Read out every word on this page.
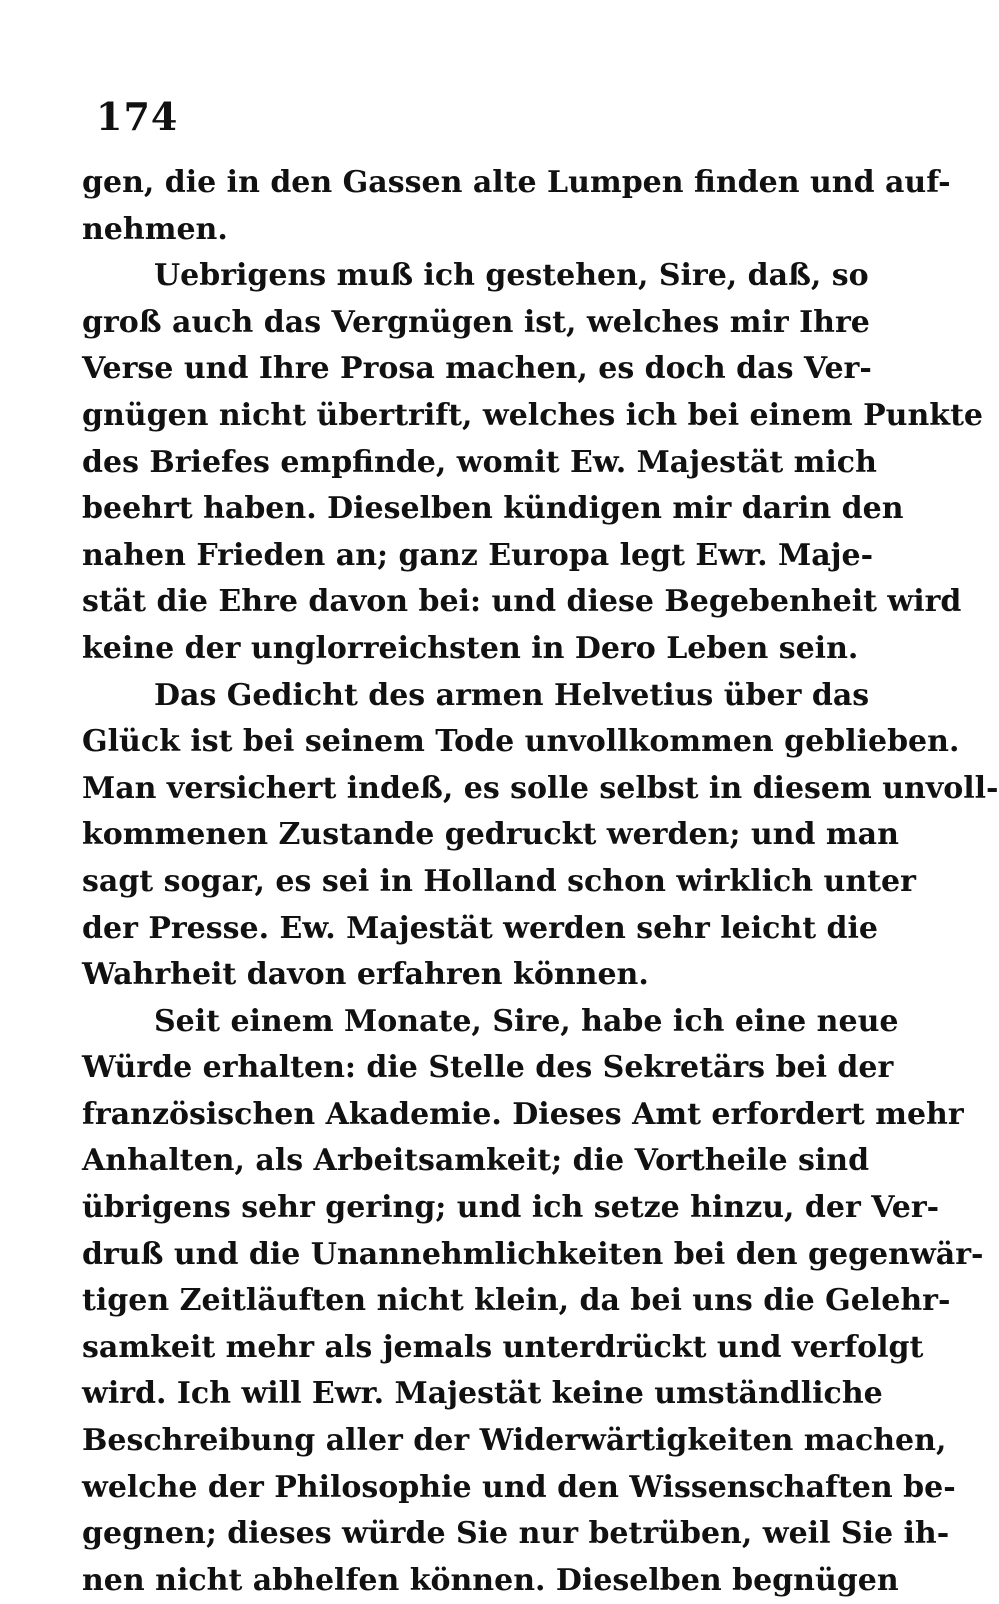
174
gen, die in den Gassen alte Lumpen finden und auf-
nehmen.
Uebrigens muß ich gestehen, Sire, daß, so
groß auch das Vergnügen ist, welches mir Ihre
Verse und Ihre Prosa machen, es doch das Ver-
gnügen nicht übertrift, welches ich bei einem Punkte
des Briefes empfinde, womit Ew. Majestät mich
beehrt haben. Dieselben kündigen mir darin den
nahen Frieden an; ganz Europa legt Ewr. Maje-
stät die Ehre davon bei: und diese Begebenheit wird
keine der unglorreichsten in Dero Leben sein.
Das Gedicht des armen Helvetius über das
Glück ist bei seinem Tode unvollkommen geblieben.
Man versichert indeß, es solle selbst in diesem unvoll-
kommenen Zustande gedruckt werden; und man
sagt sogar, es sei in Holland schon wirklich unter
der Presse. Ew. Majestät werden sehr leicht die
Wahrheit davon erfahren können.
Seit einem Monate, Sire, habe ich eine neue
Würde erhalten: die Stelle des Sekretärs bei der
französischen Akademie. Dieses Amt erfordert mehr
Anhalten, als Arbeitsamkeit; die Vortheile sind
übrigens sehr gering; und ich setze hinzu, der Ver-
druß und die Unannehmlichkeiten bei den gegenwär-
tigen Zeitläuften nicht klein, da bei uns die Gelehr-
samkeit mehr als jemals unterdrückt und verfolgt
wird. Ich will Ewr. Majestät keine umständliche
Beschreibung aller der Widerwärtigkeiten machen,
welche der Philosophie und den Wissenschaften be-
gegnen; dieses würde Sie nur betrüben, weil Sie ih-
nen nicht abhelfen können. Dieselben begnügen
